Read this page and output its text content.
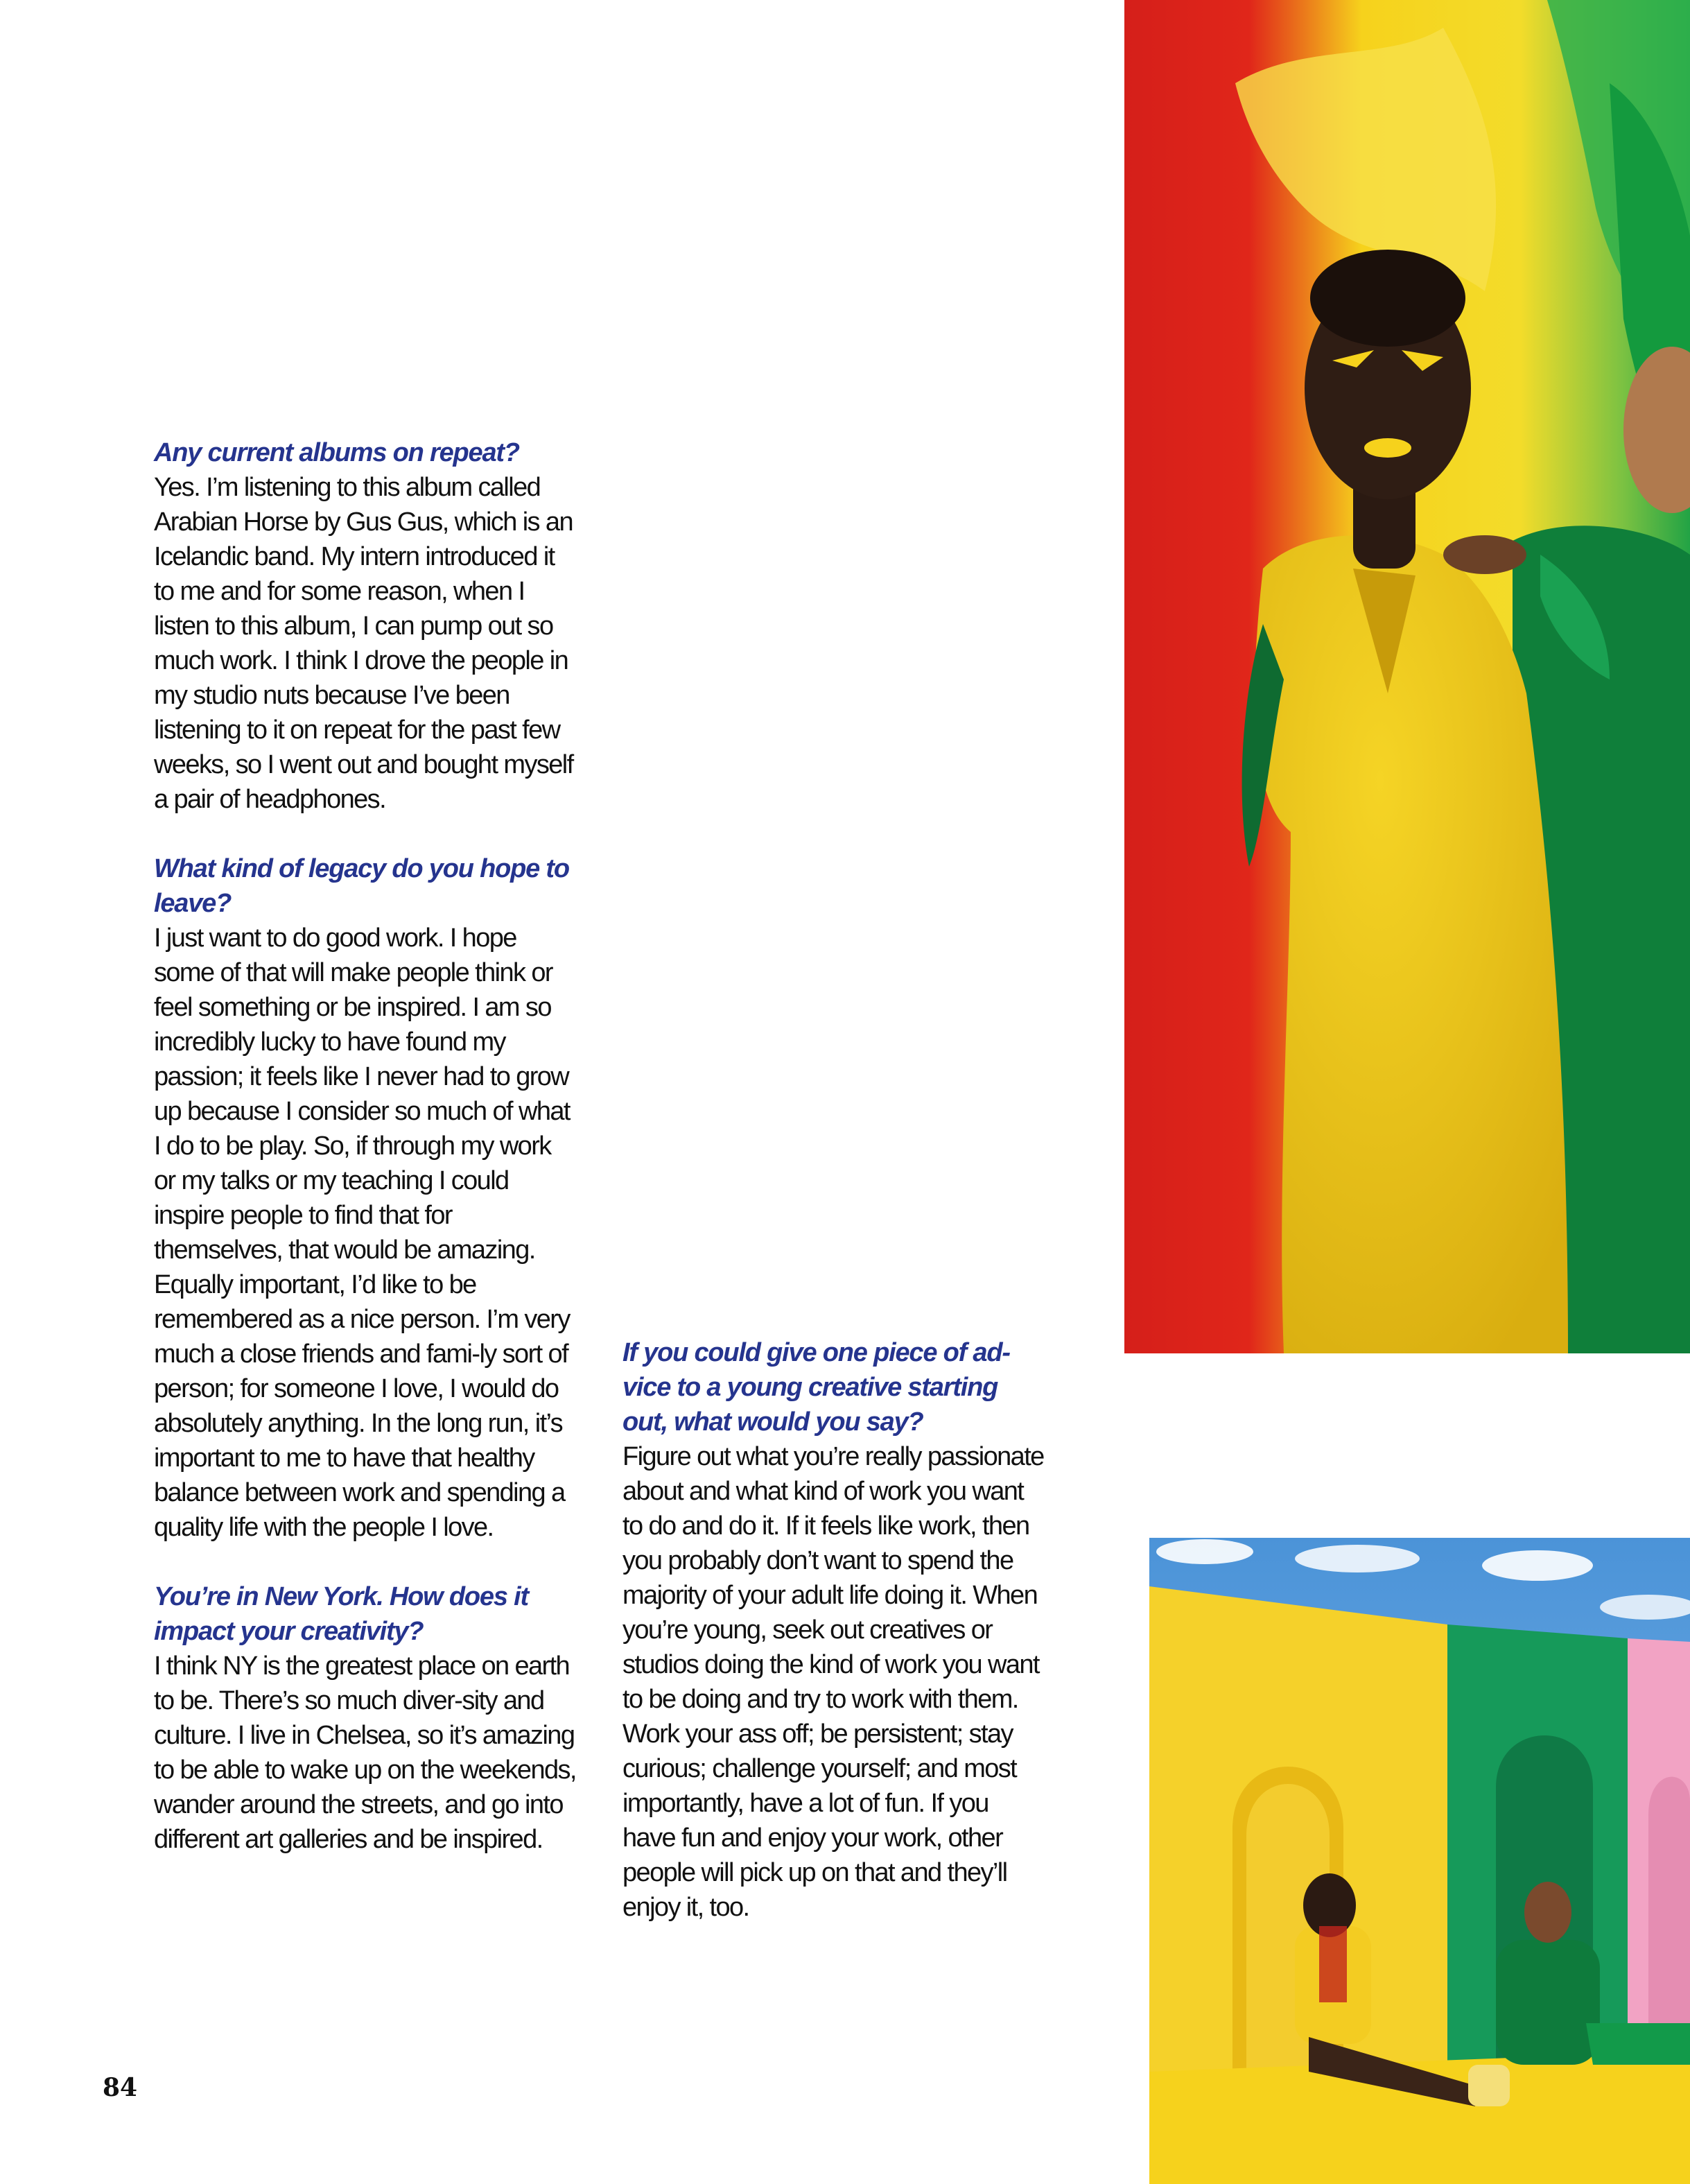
Any current albums on repeat?

Yes. I’m listening to this album called Arabian Horse by Gus Gus, which is an Icelandic band. My intern introduced it to me and for some reason, when I listen to this album, I can pump out so much work. I think I drove the people in my studio nuts because I’ve been listening to it on repeat for the past few weeks, so I went out and bought myself a pair of headphones.

What kind of legacy do you hope to leave?

I just want to do good work. I hope some of that will make people think or feel something or be inspired. I am so incredibly lucky to have found my passion; it feels like I never had to grow up because I consider so much of what I do to be play. So, if through my work or my talks or my teaching I could inspire people to find that for themselves, that would be amazing.

Equally important, I’d like to be remembered as a nice person. I’m very much a close friends and fami-ly sort of person; for someone I love, I would do absolutely anything. In the long run, it’s important to me to have that healthy balance between work and spending a quality life with the people I love.

You’re in New York. How does it impact your creativity?

I think NY is the greatest place on earth to be. There’s so much diver-sity and culture. I live in Chelsea, so it’s amazing to be able to wake up on the weekends, wander around the streets, and go into different art galleries and be inspired.

If you could give one piece of ad-vice to a young creative starting out, what would you say?

Figure out what you’re really passionate about and what kind of work you want to do and do it. If it feels like work, then you probably don’t want to spend the majority of your adult life doing it. When you’re young, seek out creatives or studios doing the kind of work you want to be doing and try to work with them. Work your ass off; be persistent; stay curious; challenge yourself; and most importantly, have a lot of fun. If you have fun and enjoy your work, other people will pick up on that and they’ll enjoy it, too.

84
